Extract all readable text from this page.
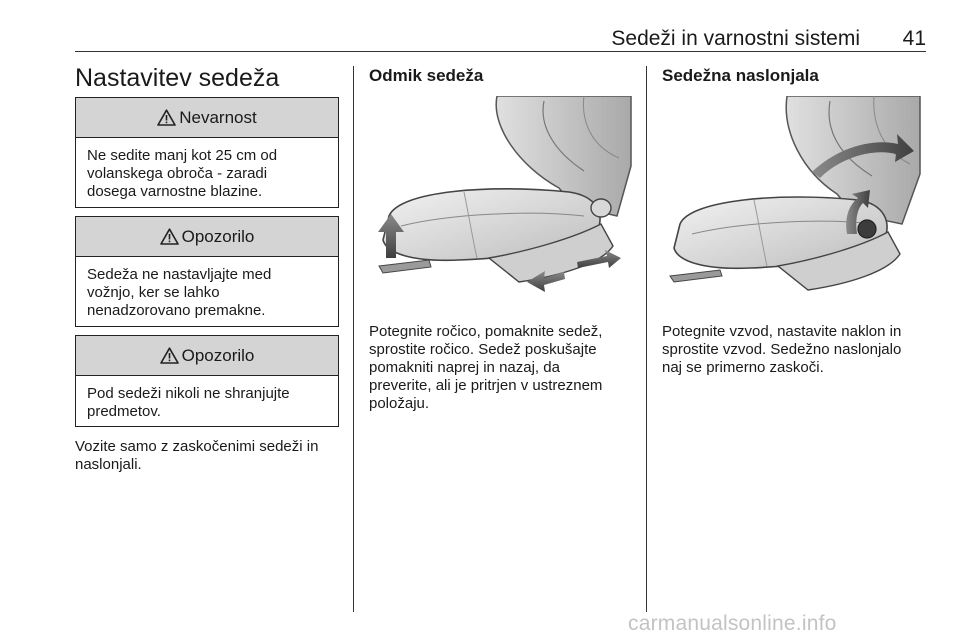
Sedeži in varnostni sistemi	41
Nastavitev sedeža
Nevarnost
Ne sedite manj kot 25 cm od
volanskega obroča - zaradi
dosega varnostne blazine.
Opozorilo
Sedeža ne nastavljajte med
vožnjo, ker se lahko
nenadzorovano premakne.
Opozorilo
Pod sedeži nikoli ne shranjujte
predmetov.
Vozite samo z zaskočenimi sedeži in
naslonjali.
Odmik sedeža
Potegnite ročico, pomaknite sedež,
sprostite ročico. Sedež poskušajte
pomakniti naprej in nazaj, da
preverite, ali je pritrjen v ustreznem
položaju.
Sedežna naslonjala
Potegnite vzvod, nastavite naklon in
sprostite vzvod. Sedežno naslonjalo
naj se primerno zaskoči.
carmanualsonline.info
